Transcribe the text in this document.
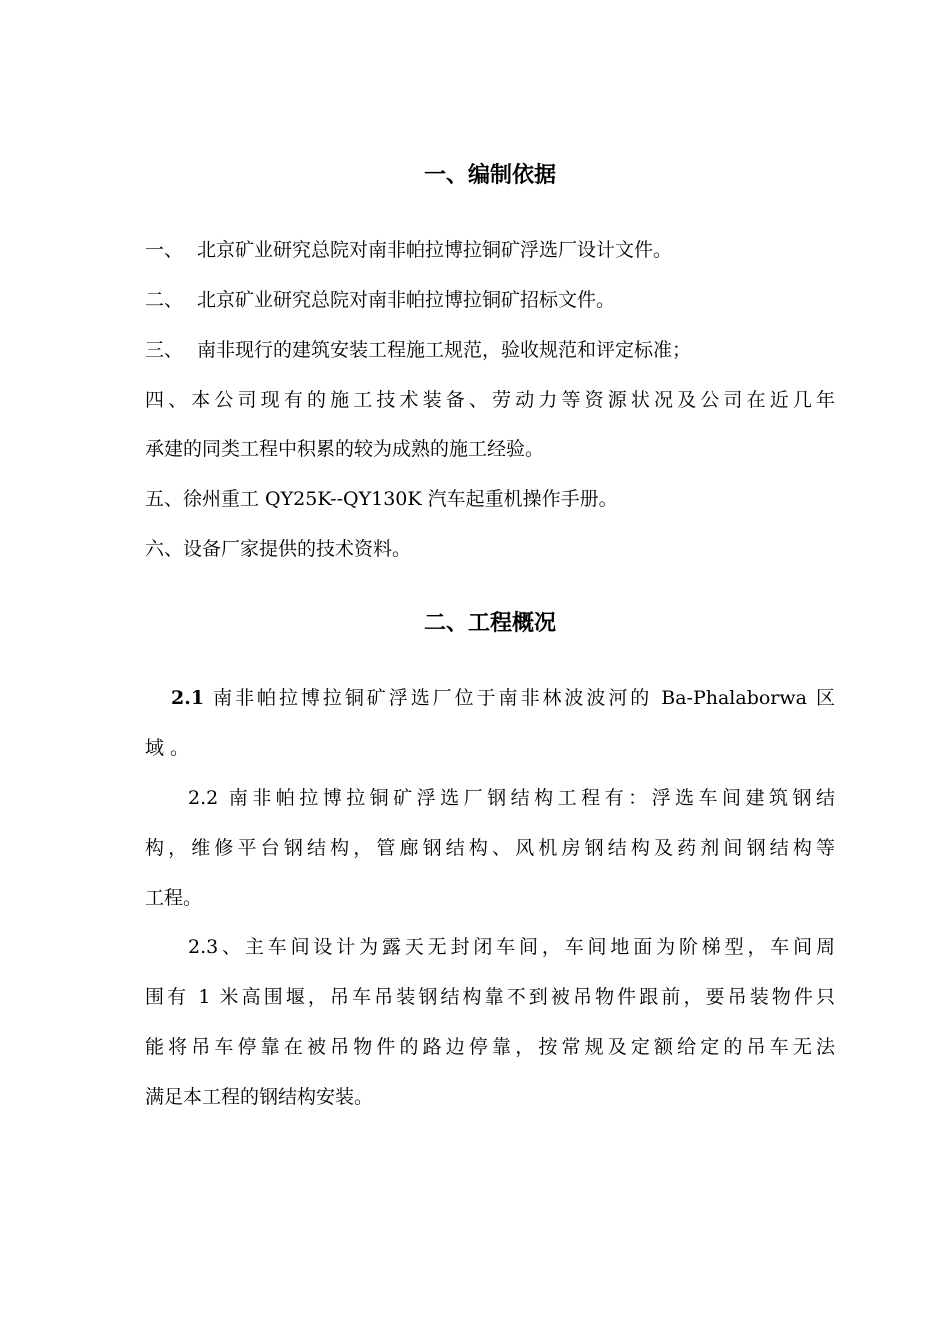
一、编制依据

一、 北京矿业研究总院对南非帕拉博拉铜矿浮选厂设计文件。

二、 北京矿业研究总院对南非帕拉博拉铜矿招标文件。

三、 南非现行的建筑安装工程施工规范，验收规范和评定标准；

四、本公司现有的施工技术装备、劳动力等资源状况及公司在近几年

承建的同类工程中积累的较为成熟的施工经验。

五、徐州重工 QY25K--QY130K 汽车起重机操作手册。

六、设备厂家提供的技术资料。

二、工程概况

2.1 南非帕拉博拉铜矿浮选厂位于南非林波波河的 Ba-Phalaborwa 区

域 。

2.2 南非帕拉博拉铜矿浮选厂钢结构工程有：浮选车间建筑钢结

构，维修平台钢结构，管廊钢结构、风机房钢结构及药剂间钢结构等

工程。

2.3、主车间设计为露天无封闭车间，车间地面为阶梯型，车间周

围有 1 米高围堰，吊车吊装钢结构靠不到被吊物件跟前，要吊装物件只

能将吊车停靠在被吊物件的路边停靠，按常规及定额给定的吊车无法

满足本工程的钢结构安装。
